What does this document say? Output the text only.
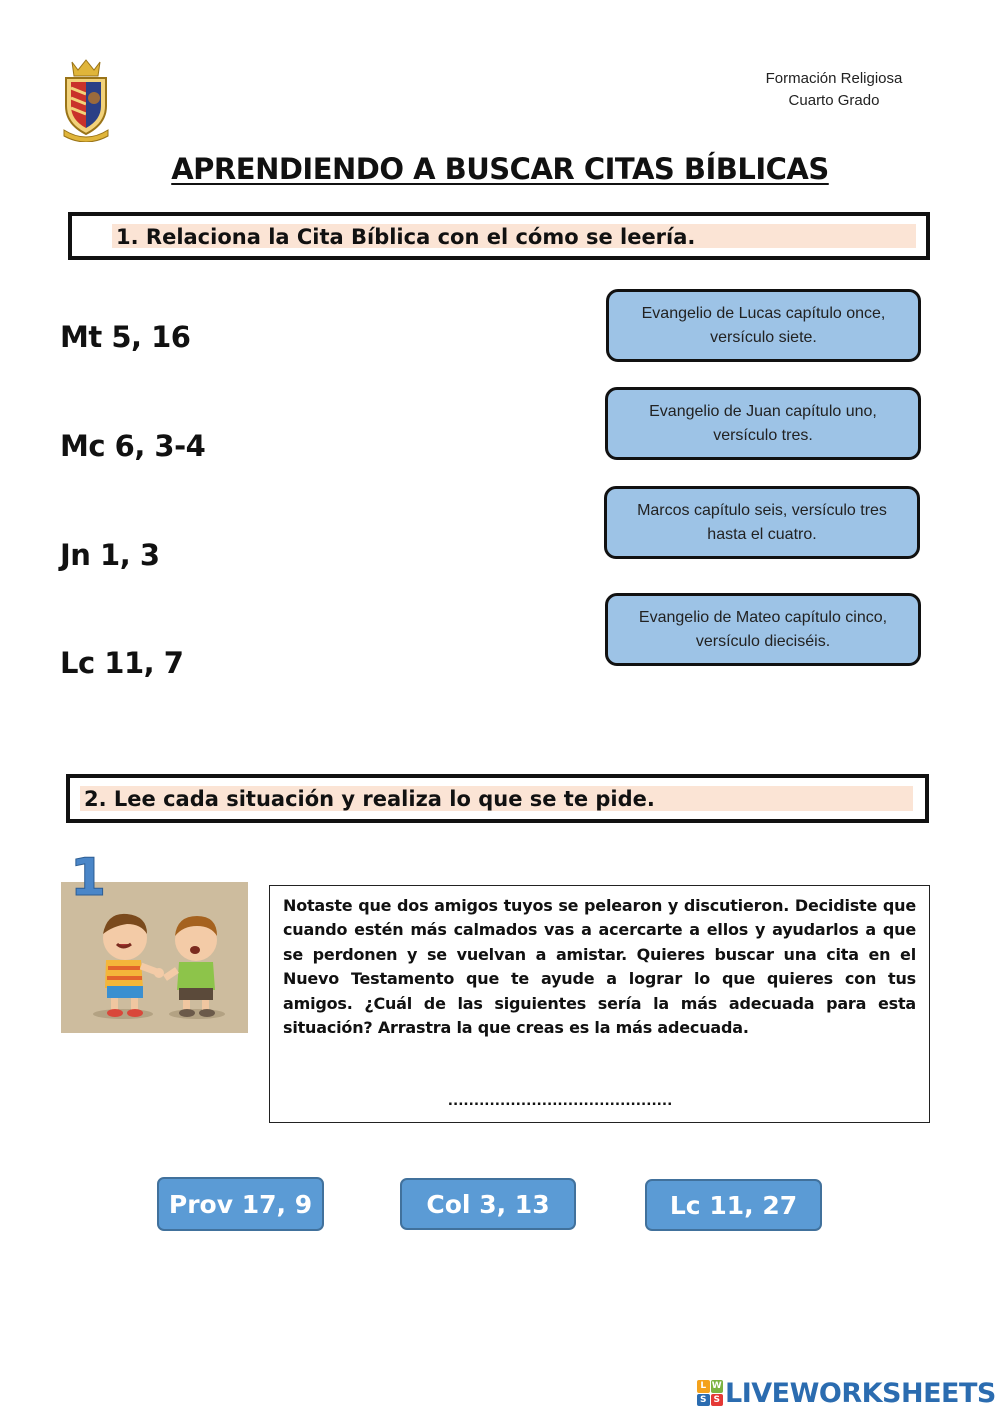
Formación Religiosa
Cuarto Grado
APRENDIENDO A BUSCAR CITAS BÍBLICAS
1. Relaciona la Cita Bíblica con el cómo se leería.
Mt 5, 16
Mc 6, 3-4
Jn 1, 3
Lc 11, 7
Evangelio de Lucas capítulo once, versículo siete.
Evangelio de Juan capítulo uno, versículo tres.
Marcos capítulo seis, versículo tres hasta el cuatro.
Evangelio de Mateo capítulo cinco, versículo dieciséis.
2. Lee cada situación y realiza lo que se te pide.
1	Notaste que dos amigos tuyos se pelearon y discutieron. Decidiste que cuando estén más calmados vas a acercarte a ellos y ayudarlos a que se perdonen y se vuelvan a amistar. Quieres buscar una cita en el Nuevo Testamento que te ayude a lograr lo que quieres con tus amigos. ¿Cuál de las siguientes sería la más adecuada para esta situación? Arrastra la que creas es la más adecuada.
...........................................
Prov 17, 9	Col 3, 13	Lc 11, 27
L W
S S LIVEWORKSHEETS
